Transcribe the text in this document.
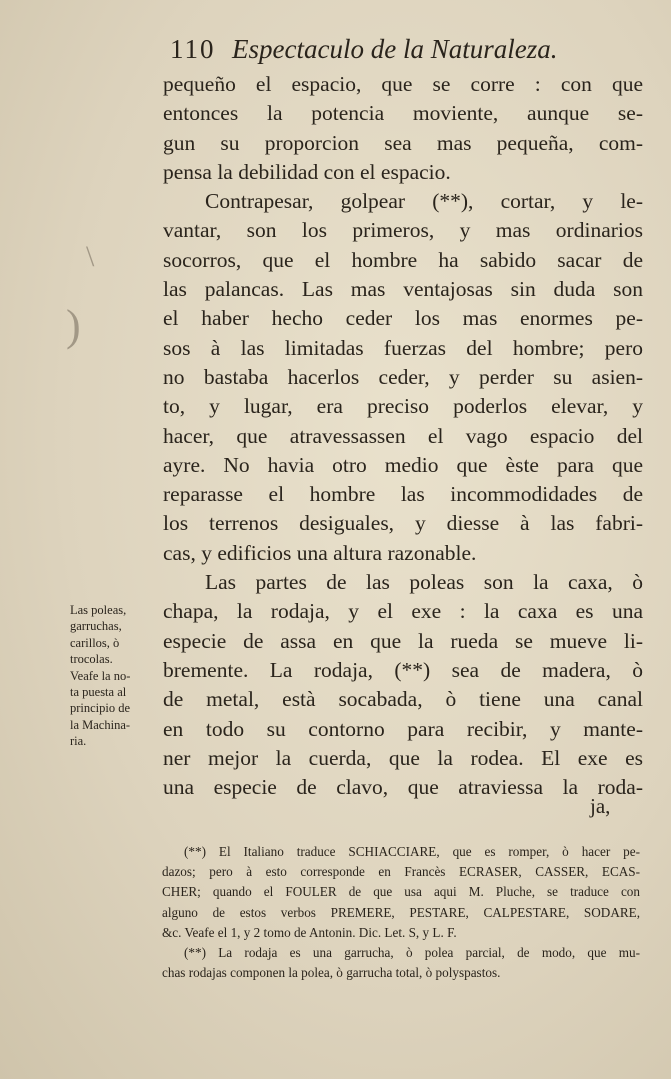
110 Espectaculo de la Naturaleza.
pequeño el espacio, que se corre : con que
entonces la potencia moviente, aunque se-
gun su proporcion sea mas pequeña, com-
pensa la debilidad con el espacio.
Contrapesar, golpear (**), cortar, y le-
vantar, son los primeros, y mas ordinarios
socorros, que el hombre ha sabido sacar de
las palancas. Las mas ventajosas sin duda son
el haber hecho ceder los mas enormes pe-
sos à las limitadas fuerzas del hombre; pero
no bastaba hacerlos ceder, y perder su asien-
to, y lugar, era preciso poderlos elevar, y
hacer, que atravessassen el vago espacio del
ayre. No havia otro medio que èste para que
reparasse el hombre las incommodidades de
los terrenos desiguales, y diesse à las fabri-
cas, y edificios una altura razonable.
Las partes de las poleas son la caxa, ò
chapa, la rodaja, y el exe : la caxa es una
especie de assa en que la rueda se mueve li-
bremente. La rodaja, (**) sea de madera, ò
de metal, està socabada, ò tiene una canal
en todo su contorno para recibir, y mante-
ner mejor la cuerda, que la rodea. El exe es
una especie de clavo, que atraviessa la roda-
ja,
Las poleas,
garruchas,
carillos, ò
trocolas.
Veafe la no-
ta puesta al
principio de
la Machina-
ria.
(**) El Italiano traduce SCHIACCIARE, que es romper, ò hacer pe-
dazos; pero à esto corresponde en Francès ECRASER, CASSER, ECAS-
CHER; quando el FOULER de que usa aqui M. Pluche, se traduce con
alguno de estos verbos PREMERE, PESTARE, CALPESTARE, SODARE,
&c. Veafe el 1, y 2 tomo de Antonin. Dic. Let. S, y L. F.
(**) La rodaja es una garrucha, ò polea parcial, de modo, que mu-
chas rodajas componen la polea, ò garrucha total, ò polyspastos.
\
)
